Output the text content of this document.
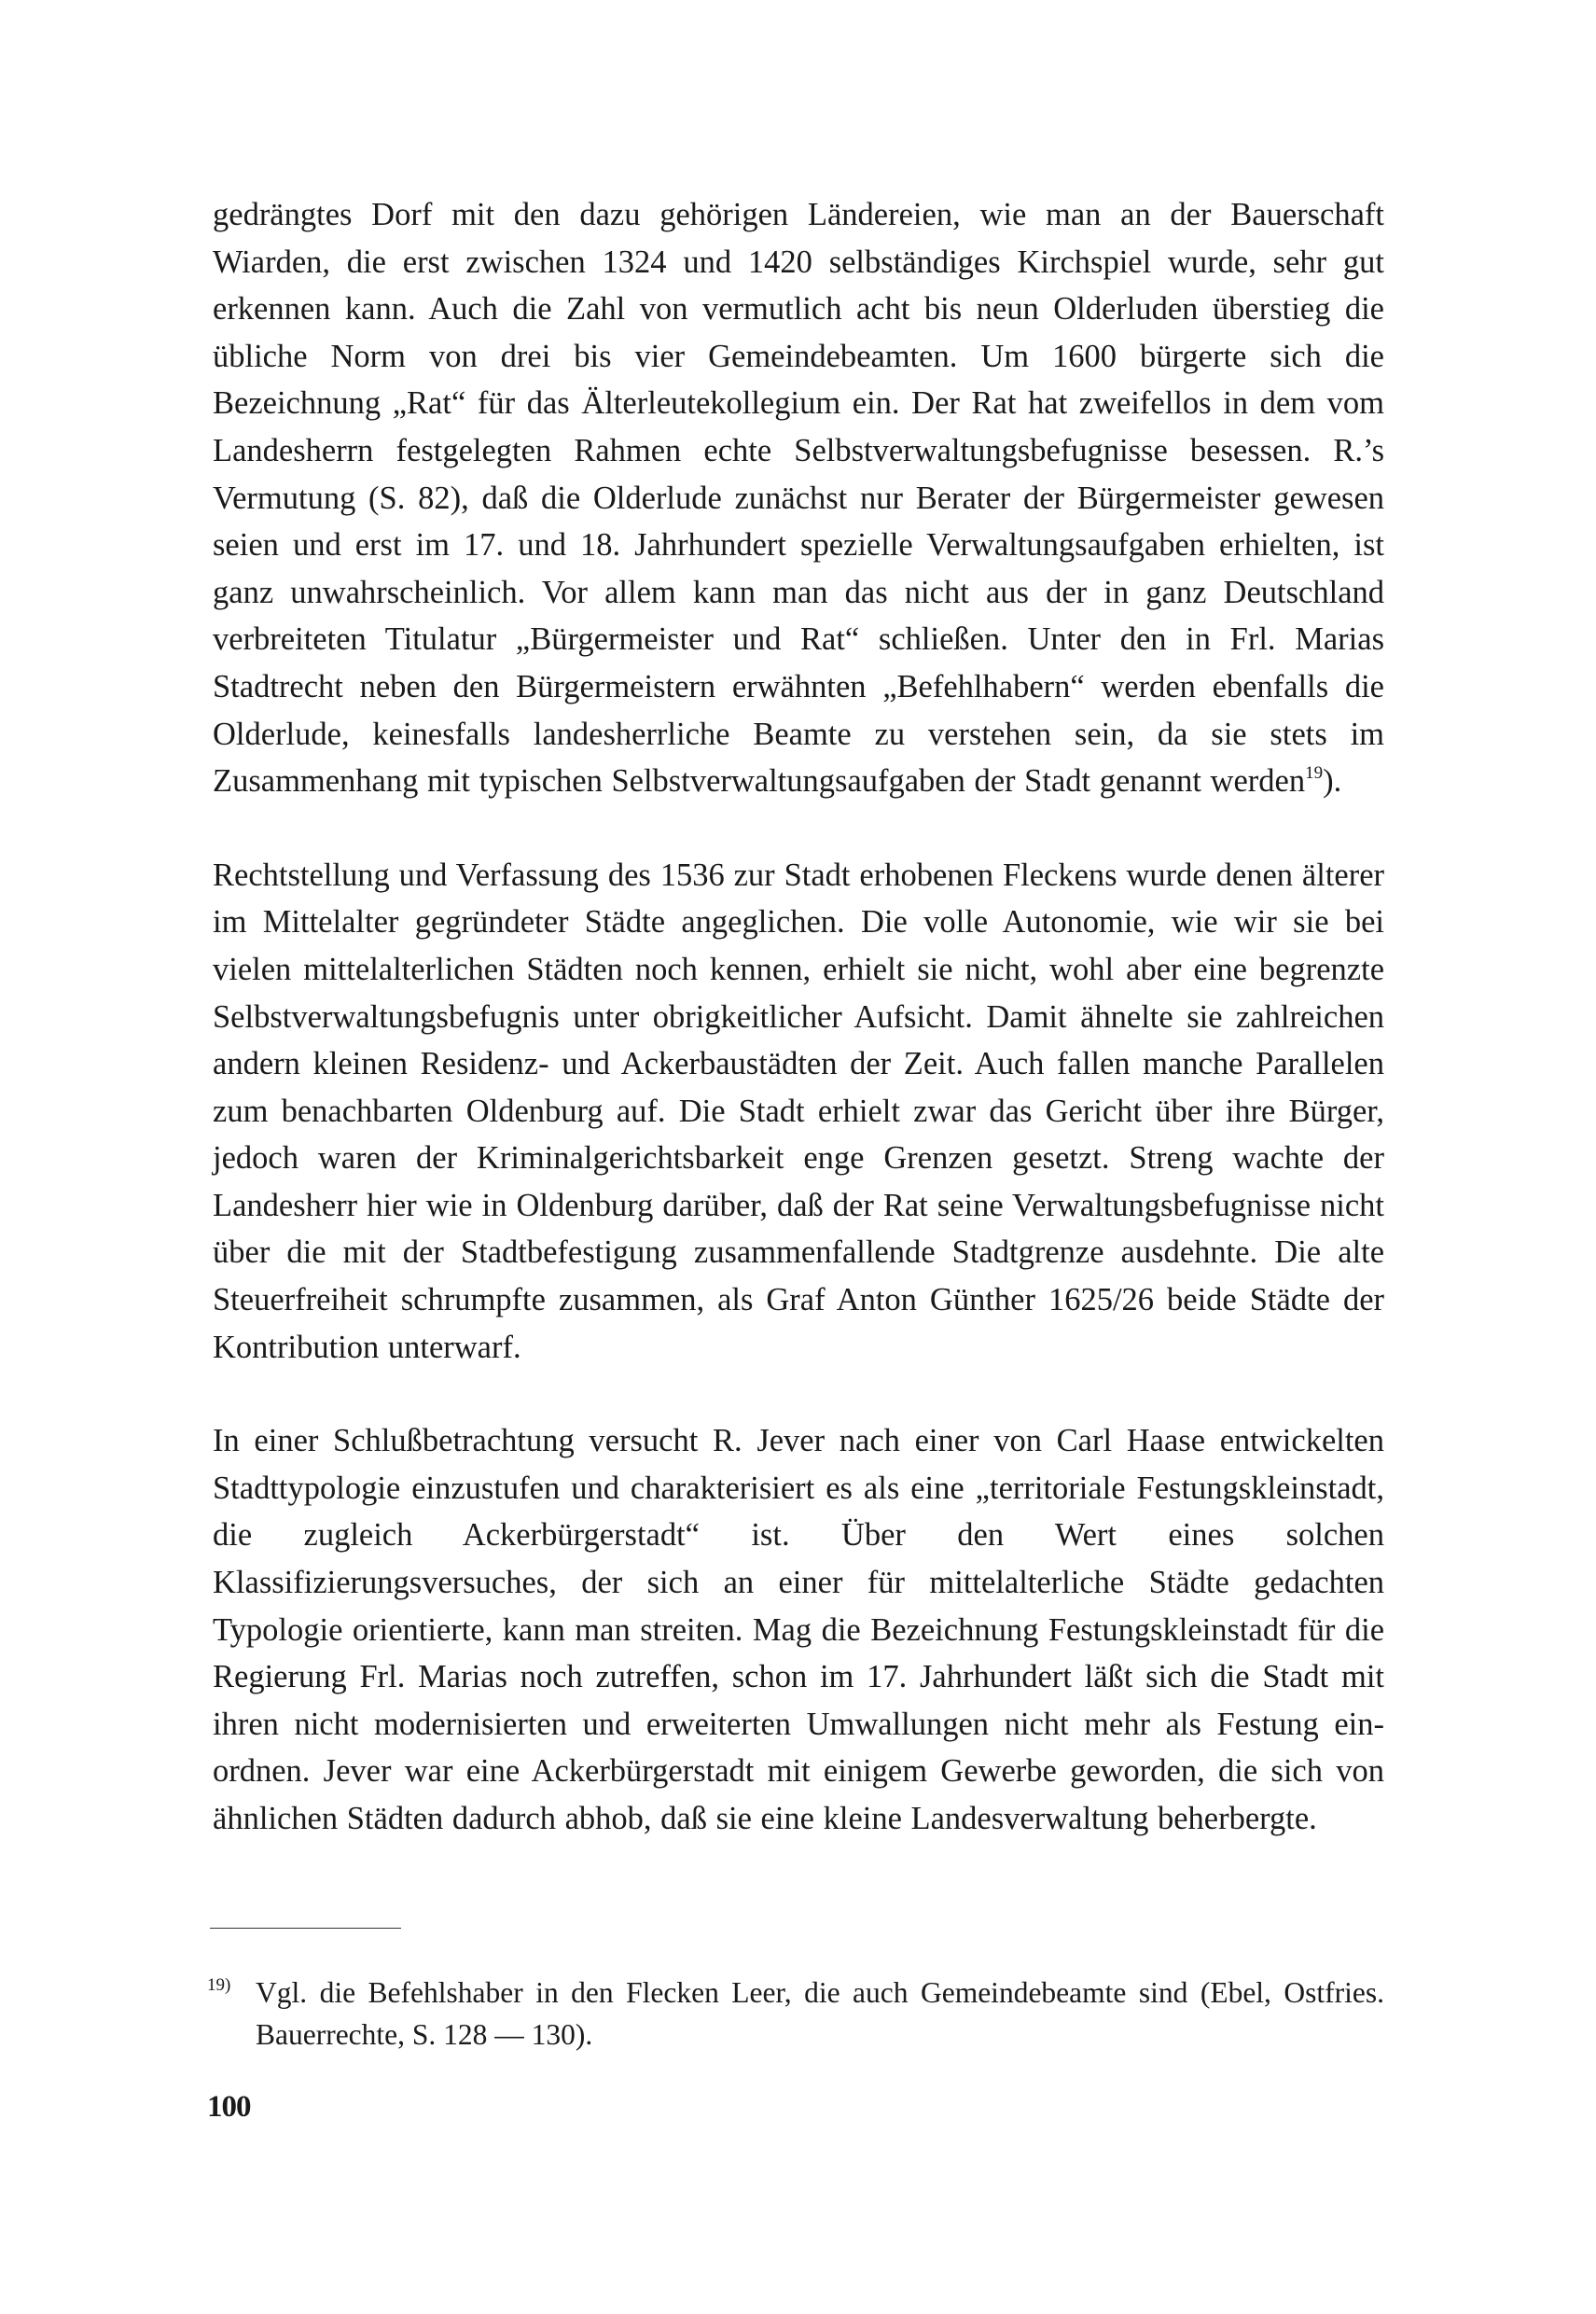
gedrängtes Dorf mit den dazu gehörigen Ländereien, wie man an der Bauerschaft Wiarden, die erst zwischen 1324 und 1420 selbständiges Kirchspiel wurde, sehr gut erkennen kann. Auch die Zahl von vermutlich acht bis neun Olderluden überstieg die übliche Norm von drei bis vier Gemeindebeamten. Um 1600 bürgerte sich die Bezeichnung „Rat“ für das Älterleutekollegium ein. Der Rat hat zweifellos in dem vom Landesherrn festgelegten Rahmen echte Selbstverwaltungsbefugnisse besessen. R.’s Vermutung (S. 82), daß die Olderlude zunächst nur Berater der Bürgermeister gewesen seien und erst im 17. und 18. Jahrhundert spezielle Verwaltungsaufgaben erhielten, ist ganz unwahrscheinlich. Vor allem kann man das nicht aus der in ganz Deutschland verbreiteten Titulatur „Bürgermeister und Rat“ schließen. Unter den in Frl. Marias Stadtrecht neben den Bürgermeistern erwähnten „Befehlhabern“ werden ebenfalls die Olderlude, keinesfalls landesherrliche Beamte zu verstehen sein, da sie stets im Zusammenhang mit typischen Selbstverwaltungsaufgaben der Stadt genannt werden$^{19}$).

Rechtstellung und Verfassung des 1536 zur Stadt erhobenen Fleckens wurde denen älterer im Mittelalter gegründeter Städte angeglichen. Die volle Autonomie, wie wir sie bei vielen mittelalterlichen Städten noch kennen, erhielt sie nicht, wohl aber eine begrenzte Selbstverwaltungsbefugnis unter obrigkeitlicher Aufsicht. Damit ähnelte sie zahlreichen andern kleinen Residenz- und Ackerbaustädten der Zeit. Auch fallen manche Parallelen zum benachbarten Oldenburg auf. Die Stadt erhielt zwar das Gericht über ihre Bürger, jedoch waren der Kriminalgerichtsbarkeit enge Grenzen gesetzt. Streng wachte der Landesherr hier wie in Oldenburg darüber, daß der Rat seine Verwaltungsbefugnisse nicht über die mit der Stadtbefestigung zusammenfallende Stadtgrenze ausdehnte. Die alte Steuerfreiheit schrumpfte zusammen, als Graf Anton Günther 1625/26 beide Städte der Kontribution unterwarf.

In einer Schlußbetrachtung versucht R. Jever nach einer von Carl Haase entwickelten Stadttypologie einzustufen und charakterisiert es als eine „territoriale Festungskleinstadt, die zugleich Ackerbürgerstadt“ ist. Über den Wert eines solchen Klassifizierungsversuches, der sich an einer für mittelalterliche Städte gedachten Typologie orientierte, kann man streiten. Mag die Bezeichnung Festungskleinstadt für die Regierung Frl. Marias noch zutreffen, schon im 17. Jahrhundert läßt sich die Stadt mit ihren nicht modernisierten und erweiterten Umwallungen nicht mehr als Festung einordnen. Jever war eine Ackerbürgerstadt mit einigem Gewerbe geworden, die sich von ähnlichen Städten dadurch abhob, daß sie eine kleine Landesverwaltung beherbergte.

19) Vgl. die Befehlshaber in den Flecken Leer, die auch Gemeindebeamte sind (Ebel, Ostfries. Bauerrechte, S. 128 — 130).
100
